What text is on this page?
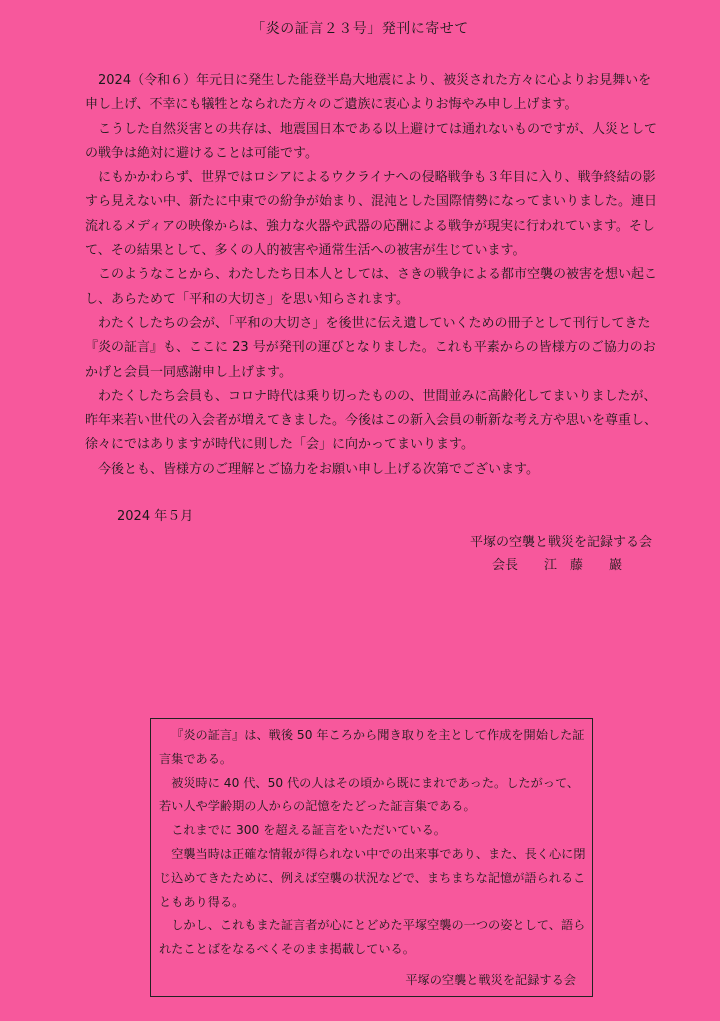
「炎の証言２３号」発刊に寄せて

2024（令和６）年元日に発生した能登半島大地震により、被災された方々に心よりお見舞いを申し上げ、不幸にも犠牲となられた方々のご遺族に衷心よりお悔やみ申し上げます。

こうした自然災害との共存は、地震国日本である以上避けては通れないものですが、人災としての戦争は絶対に避けることは可能です。

にもかかわらず、世界ではロシアによるウクライナへの侵略戦争も３年目に入り、戦争終結の影すら見えない中、新たに中東での紛争が始まり、混沌とした国際情勢になってまいりました。連日流れるメディアの映像からは、強力な火器や武器の応酬による戦争が現実に行われています。そして、その結果として、多くの人的被害や通常生活への被害が生じています。

このようなことから、わたしたち日本人としては、さきの戦争による都市空襲の被害を想い起こし、あらためて「平和の大切さ」を思い知らされます。

わたくしたちの会が、「平和の大切さ」を後世に伝え遺していくための冊子として刊行してきた『炎の証言』も、ここに 23 号が発刊の運びとなりました。これも平素からの皆様方のご協力のおかげと会員一同感謝申し上げます。

わたくしたち会員も、コロナ時代は乗り切ったものの、世間並みに高齢化してまいりましたが、昨年来若い世代の入会者が増えてきました。今後はこの新入会員の斬新な考え方や思いを尊重し、徐々にではありますが時代に則した「会」に向かってまいります。

今後とも、皆様方のご理解とご協力をお願い申し上げる次第でございます。

2024 年５月
平塚の空襲と戦災を記録する会
会長　　江　藤　　巖

『炎の証言』は、戦後 50 年ころから聞き取りを主として作成を開始した証言集である。

被災時に 40 代、50 代の人はその頃から既にまれであった。したがって、若い人や学齢期の人からの記憶をたどった証言集である。

これまでに 300 を超える証言をいただいている。

空襲当時は正確な情報が得られない中での出来事であり、また、長く心に閉じ込めてきたために、例えば空襲の状況などで、まちまちな記憶が語られることもあり得る。

しかし、これもまた証言者が心にとどめた平塚空襲の一つの姿として、語られたことばをなるべくそのまま掲載している。

平塚の空襲と戦災を記録する会
